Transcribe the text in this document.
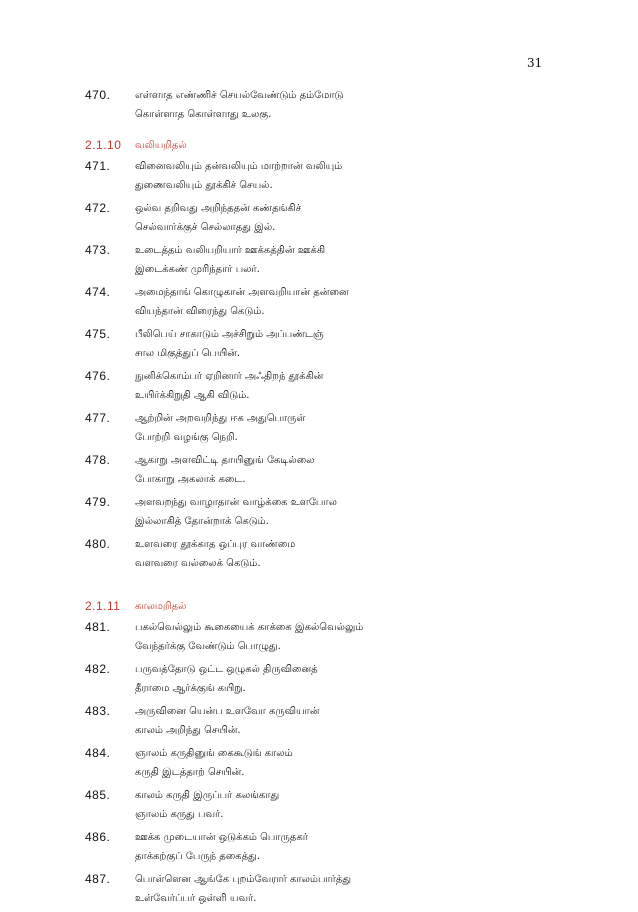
31
470.	எள்ளாத எண்ணிச் செயல்வேண்டும் தம்மோடு
கொள்ளாத கொள்ளாது உலகு.
2.1.10	வலியறிதல்
471.	வினைவலியும் தன்வலியும் மாற்றான் வலியும்
துணைவலியும் தூக்கிச் செயல்.
472.	ஒல்வ தறிவது அறிந்ததன் கண்தங்கிச்
செல்வார்க்குச் செல்லாதது இல்.
473.	உடைத்தம் வலியறியார் ஊக்கத்தின் ஊக்கி
இடைக்கண் முரிந்தார் பலர்.
474.	அமைந்தாங் கொழுகான் அளவறியான் தன்னை
வியந்தான் விரைந்து கெடும்.
475.	பீலிபெய் சாகாடும் அச்சிறும் அப்பண்டஞ்
சால மிகுத்துப் பெயின்.
476.	நுனிக்கொம்பர் ஏறினார் அஃதிறந் தூக்கின்
உயிர்க்கிறுதி ஆகி விடும்.
477.	ஆற்றின் அறவறிந்து ஈக அதுபொருள்
போற்றி வழங்கு நெறி.
478.	ஆகாறு அளவிட்டி தாயினுங் கேடில்லை
போகாறு அகலாக் கடை.
479.	அளவறந்து வாழாதான் வாழ்க்கை உளபோல
இல்லாகித் தோன்றாக் கெடும்.
480.	உளவரை தூக்காத ஒப்புர வாண்மை
வளவரை வல்லைக் கெடும்.
2.1.11	காலமறிதல்
481.	பகல்வெல்லும் கூகையைக் காக்கை இகல்வெல்லும்
வேந்தர்க்கு வேண்டும் பொழுது.
482.	பருவத்தோடு ஒட்ட ஒழுகல் திருவினைத்
தீராமை ஆர்க்குங் கயிறு.
483.	அருவினை யென்ப உளவோ கருவியான்
காலம் அறிந்து செயின்.
484.	ஞாலம் கருதினுங் கைகூடுங் காலம்
கருதி இடத்தாற் செயின்.
485.	காலம் கருதி இருப்பர் கலங்காது
ஞாலம் கருது பவர்.
486.	ஊக்க முடையான் ஒடுக்கம் பொருதகர்
தாக்கற்குப் பேருந் தகைத்து.
487.	பொள்ளென ஆங்கே புறம்வேரார் காலம்பார்த்து
உள்வேர்ப்பர் ஒள்ளி யவர்.
